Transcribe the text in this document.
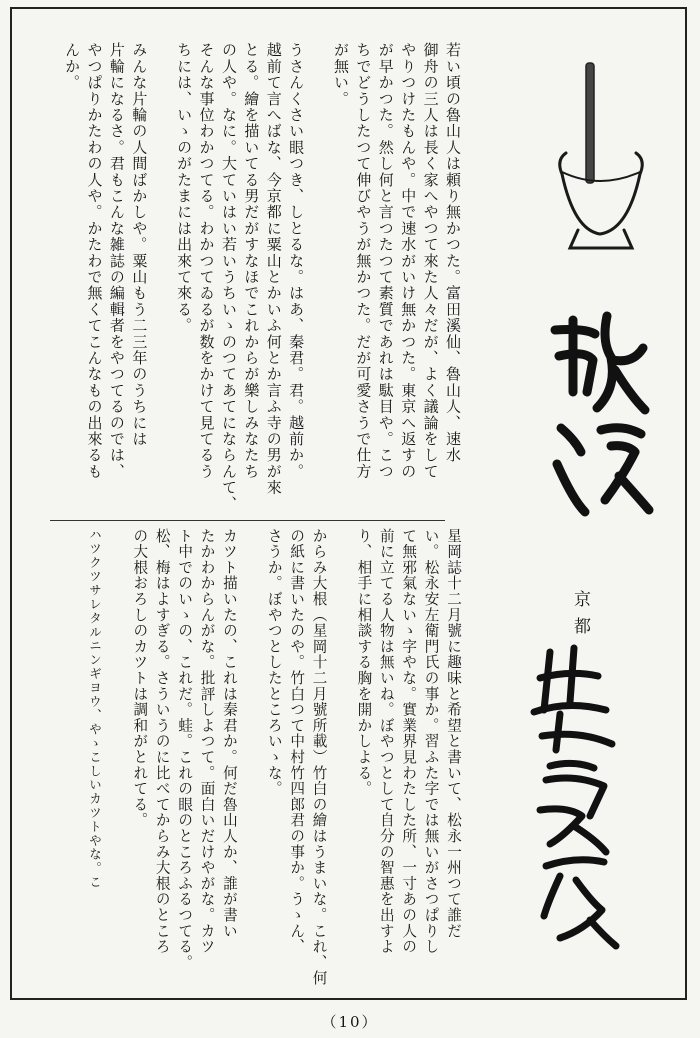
京都
若い頃の魯山人は頼り無かつた。富田溪仙、魯山人、速水
御舟の三人は長く家へやつて來た人々だが、よく議論をして
やりつけたもんや。中で速水がいけ無かつた。東京へ返すの
が早かつた。然し何と言つたつて素質であれは駄目や。こつ
ちでどうしたつて伸びやうが無かつた。だが可愛さうで仕方
が無い。
うさんくさい眼つき、しとるな。はあ、秦君。君。越前か。
越前て言へばな、今京都に粟山とかいふ何とか言ふ寺の男が來
とる。繪を描いてる男だがすなほでこれからが樂しみなたち
の人や。なに。大ていはい若いうちいゝのつてあてにならんて、
そんな事位わかつてる。わかつてゐるが数をかけて見てるう
ちには、いゝのがたまには出來て來る。
みんな片輪の人間ばかしや。粟山もう二三年のうちには
片輪になるさ。君もこんな雑誌の編輯者をやつてるのでは、
やつぱりかたわの人や。かたわで無くてこんなもの出來るも
んか。
星岡誌十二月號に趣味と希望と書いて、松永一州つて誰だ
い。松永安左衛門氏の事か。習ふた字では無いがさつぱりし
て無邪氣ないゝ字やな。實業界見わたした所、一寸あの人の
前に立てる人物は無いね。ぼやつとして自分の智惠を出すよ
り、相手に相談する胸を開かしよる。
からみ大根（星岡十二月號所載）竹白の繪はうまいな。これ、何
の紙に書いたのや。竹白つて中村竹四郎君の事か。うゝん、
さうか。ぼやつとしたところいゝな。
カツト描いたの、これは秦君か。何だ魯山人か、誰が書い
たかわからんがな。批評しよつて。面白いだけやがな。カツ
ト中でのいゝの、これだ。蛙。これの眼のところふるつてる。
松、梅はよすぎる。さういうのに比べてからみ大根のところ
の大根おろしのカツトは調和がとれてる。
ハツクツサレタルニンギヨウ、やゝこしいカツトやな。こ
（10）
